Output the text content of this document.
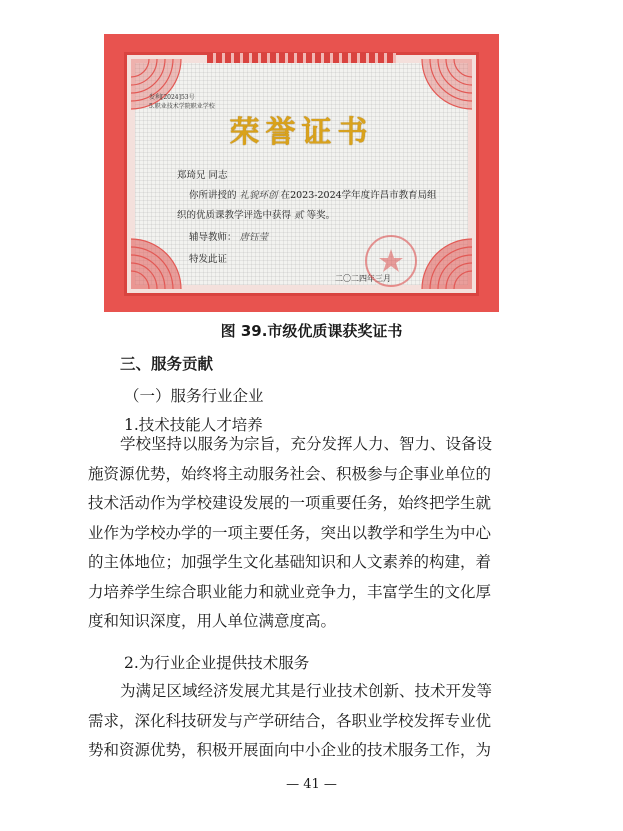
发利[2024]53号
5.职业技术学院职业学校
荣誉证书
郑琦兄 同志
你所讲授的 礼貌环创 在2023-2024学年度许昌市教育局组
织的优质课教学评选中获得 贰 等奖。
辅导教师： 唐钰莹
特发此证
二〇二四年三月
图 39.市级优质课获奖证书
三、服务贡献
（一）服务行业企业
1.技术技能人才培养
学校坚持以服务为宗旨，充分发挥人力、智力、设备设
施资源优势，始终将主动服务社会、积极参与企事业单位的
技术活动作为学校建设发展的一项重要任务，始终把学生就
业作为学校办学的一项主要任务，突出以教学和学生为中心
的主体地位；加强学生文化基础知识和人文素养的构建，着
力培养学生综合职业能力和就业竞争力，丰富学生的文化厚
度和知识深度，用人单位满意度高。
2.为行业企业提供技术服务
为满足区域经济发展尤其是行业技术创新、技术开发等
需求，深化科技研发与产学研结合，各职业学校发挥专业优
势和资源优势，积极开展面向中小企业的技术服务工作，为
— 41 —
